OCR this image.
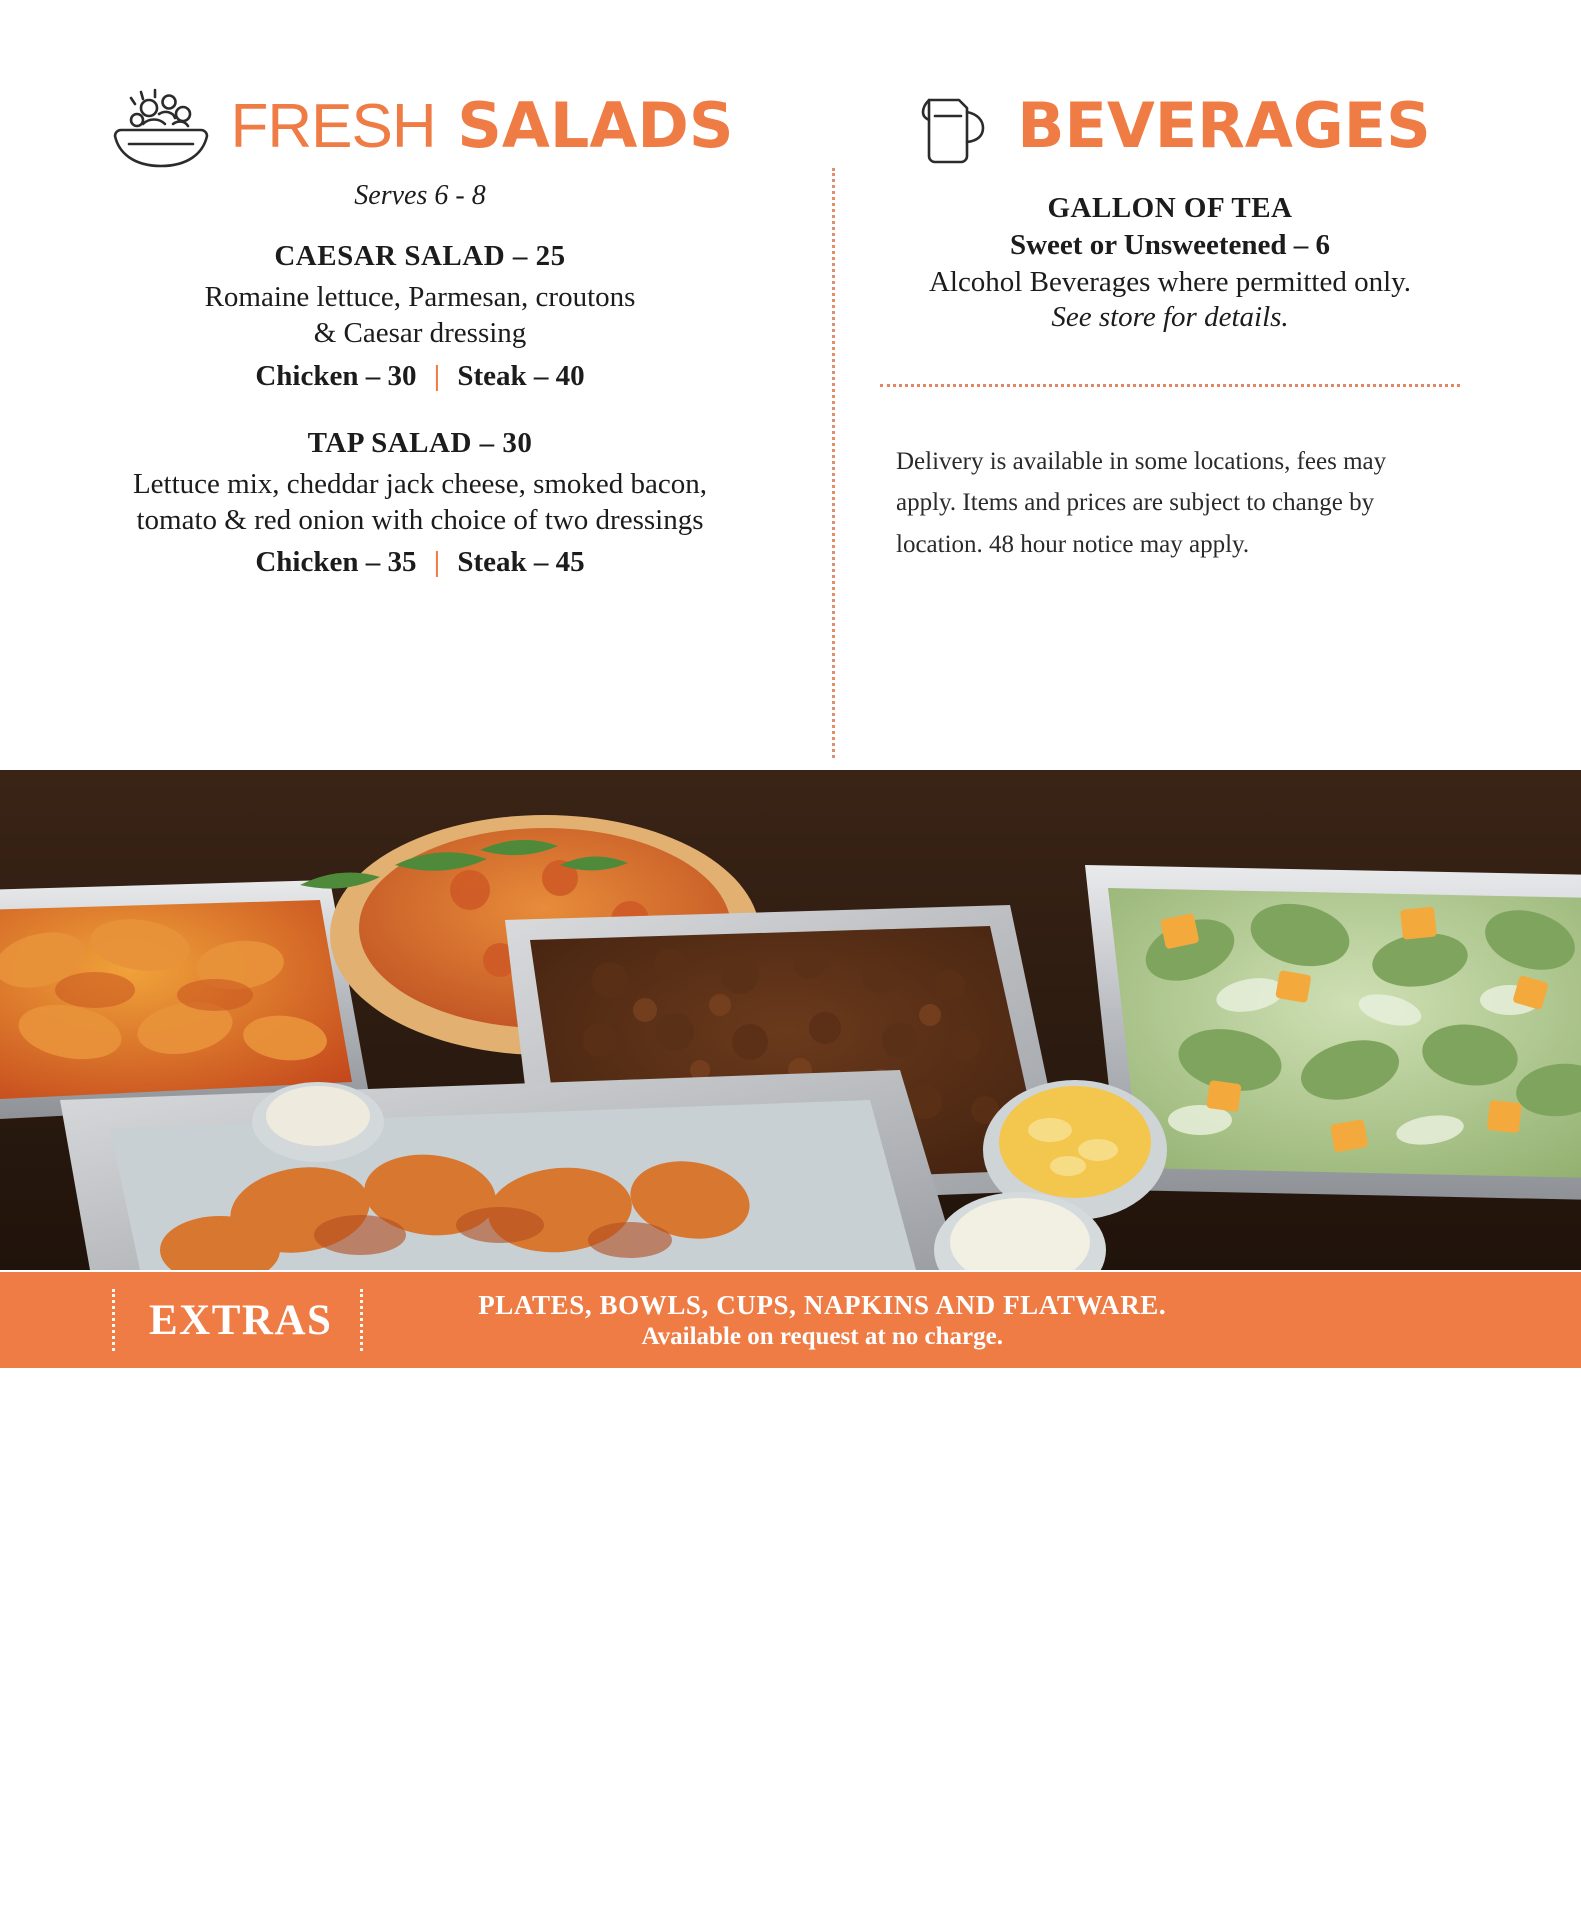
FRESH SALADS
Serves 6 - 8
CAESAR SALAD – 25
Romaine lettuce, Parmesan, croutons
& Caesar dressing
Chicken – 30 | Steak – 40
TAP SALAD – 30
Lettuce mix, cheddar jack cheese, smoked bacon,
tomato & red onion with choice of two dressings
Chicken – 35 | Steak – 45
BEVERAGES
GALLON OF TEA
Sweet or Unsweetened – 6
Alcohol Beverages where permitted only.
See store for details.
Delivery is available in some locations, fees may apply. Items and prices are subject to change by location. 48 hour notice may apply.
EXTRAS	PLATES, BOWLS, CUPS, NAPKINS AND FLATWARE.
Available on request at no charge.
